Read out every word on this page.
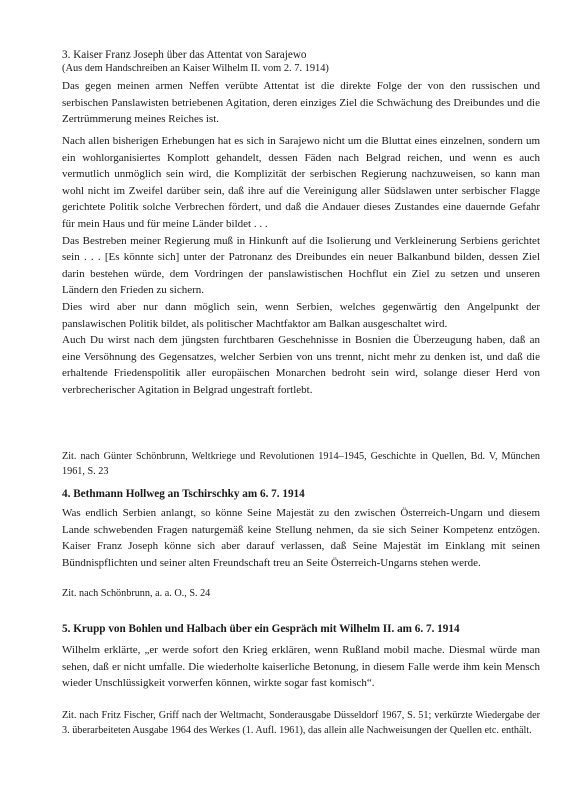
3. Kaiser Franz Joseph über das Attentat von Sarajewo
(Aus dem Handschreiben an Kaiser Wilhelm II. vom 2. 7. 1914)
Das gegen meinen armen Neffen verübte Attentat ist die direkte Folge der von den russischen und serbischen Panslawisten betriebenen Agitation, deren einziges Ziel die Schwächung des Dreibundes und die Zertrümmerung meines Reiches ist.

Nach allen bisherigen Erhebungen hat es sich in Sarajewo nicht um die Bluttat eines einzelnen, sondern um ein wohlorganisiertes Komplott gehandelt, dessen Fäden nach Belgrad reichen, und wenn es auch vermutlich unmöglich sein wird, die Komplizität der serbischen Regierung nachzuweisen, so kann man wohl nicht im Zweifel darüber sein, daß ihre auf die Vereinigung aller Südslawen unter serbischer Flagge gerichtete Politik solche Verbrechen fördert, und daß die Andauer dieses Zustandes eine dauernde Gefahr für mein Haus und für meine Länder bildet . . .

Das Bestreben meiner Regierung muß in Hinkunft auf die Isolierung und Verkleinerung Serbiens gerichtet sein . . . [Es könnte sich] unter der Patronanz des Dreibundes ein neuer Balkanbund bilden, dessen Ziel darin bestehen würde, dem Vordringen der panslawistischen Hochflut ein Ziel zu setzen und unseren Ländern den Frieden zu sichern.

Dies wird aber nur dann möglich sein, wenn Serbien, welches gegenwärtig den Angelpunkt der panslawischen Politik bildet, als politischer Machtfaktor am Balkan ausgeschaltet wird.

Auch Du wirst nach dem jüngsten furchtbaren Geschehnisse in Bosnien die Überzeugung haben, daß an eine Versöhnung des Gegensatzes, welcher Serbien von uns trennt, nicht mehr zu denken ist, und daß die erhaltende Friedenspolitik aller europäischen Monarchen bedroht sein wird, solange dieser Herd von verbrecherischer Agitation in Belgrad ungestraft fortlebt.

Zit. nach Günter Schönbrunn, Weltkriege und Revolutionen 1914–1945, Geschichte in Quellen, Bd. V, München 1961, S. 23
4. Bethmann Hollweg an Tschirschky am 6. 7. 1914
Was endlich Serbien anlangt, so könne Seine Majestät zu den zwischen Österreich-Ungarn und diesem Lande schwebenden Fragen naturgemäß keine Stellung nehmen, da sie sich Seiner Kompetenz entzögen. Kaiser Franz Joseph könne sich aber darauf verlassen, daß Seine Majestät im Einklang mit seinen Bündnispflichten und seiner alten Freundschaft treu an Seite Österreich-Ungarns stehen werde.
Zit. nach Schönbrunn, a. a. O., S. 24
5. Krupp von Bohlen und Halbach über ein Gespräch mit Wilhelm II. am 6. 7. 1914
Wilhelm erklärte, „er werde sofort den Krieg erklären, wenn Rußland mobil mache. Diesmal würde man sehen, daß er nicht umfalle. Die wiederholte kaiserliche Betonung, in diesem Falle werde ihm kein Mensch wieder Unschlüssigkeit vorwerfen können, wirkte sogar fast komisch“.
Zit. nach Fritz Fischer, Griff nach der Weltmacht, Sonderausgabe Düsseldorf 1967, S. 51; verkürzte Wiedergabe der 3. überarbeiteten Ausgabe 1964 des Werkes (1. Aufl. 1961), das allein alle Nachweisungen der Quellen etc. enthält.
